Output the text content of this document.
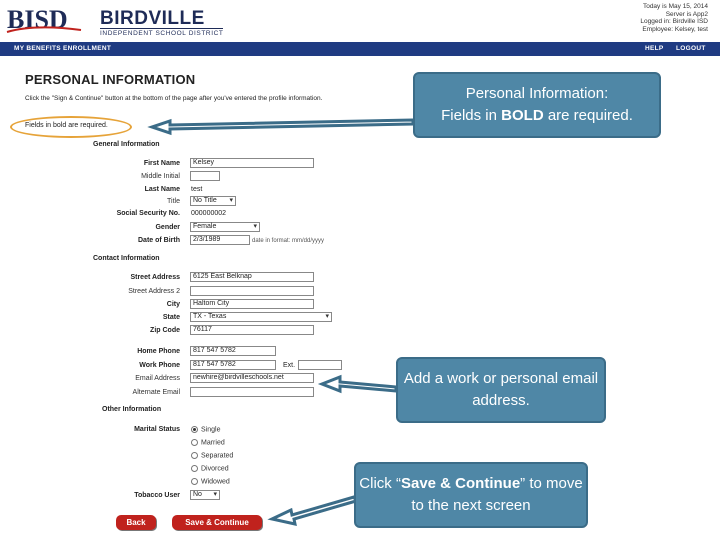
BISD BIRDVILLE
INDEPENDENT SCHOOL DISTRICT
Today is May 15, 2014
Server is App2
Logged in: Birdville ISD
Employee: Kelsey, test
MY BENEFITS ENROLLMENT	HELP LOGOUT
PERSONAL INFORMATION
Click the "Sign & Continue" button at the bottom of the page after you've entered the profile information.
Fields in bold are required.
General Information
First Name	Kelsey
Middle Initial
Last Name test
Title	No Title ▾
Social Security No. 000000002
Gender	Female	▾
Date of Birth	2/3/1989	date in format: mm/dd/yyyy
Contact Information
Street Address	6125 East Belknap
Street Address 2
City	Haltom City
State	TX - Texas	▾
Zip Code	76117
Home Phone	817 547 5782
Work Phone	817 547 5782	Ext.
Email Address	newhire@birdvilleschools.net
Alternate Email
Other Information
Marital Status	Single
Married
Separated
Divorced
Widowed
Tobacco User	No ▾
Back	Save & Continue
Personal Information:
Fields in BOLD are required.
Add a work or personal email address.
Click “Save & Continue” to move to the next screen
